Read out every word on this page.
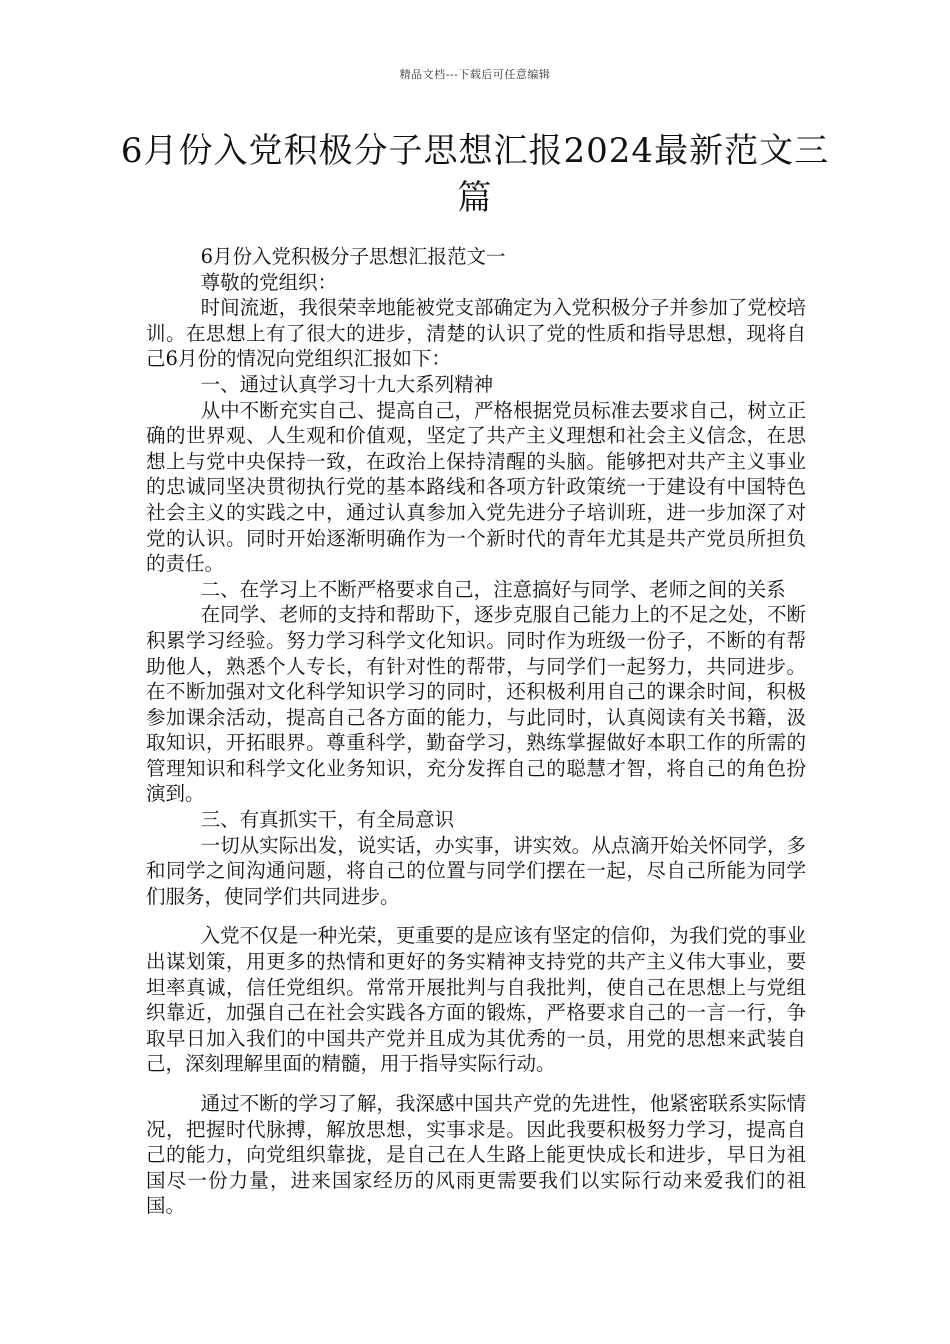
精品文档---下载后可任意编辑
6月份入党积极分子思想汇报2024最新范文三篇

6月份入党积极分子思想汇报范文一

尊敬的党组织：

时间流逝，我很荣幸地能被党支部确定为入党积极分子并参加了党校培训。在思想上有了很大的进步，清楚的认识了党的性质和指导思想，现将自己6月份的情况向党组织汇报如下：

一、通过认真学习十九大系列精神

从中不断充实自己、提高自己，严格根据党员标准去要求自己，树立正确的世界观、人生观和价值观，坚定了共产主义理想和社会主义信念，在思想上与党中央保持一致，在政治上保持清醒的头脑。能够把对共产主义事业的忠诚同坚决贯彻执行党的基本路线和各项方针政策统一于建设有中国特色社会主义的实践之中，通过认真参加入党先进分子培训班，进一步加深了对党的认识。同时开始逐渐明确作为一个新时代的青年尤其是共产党员所担负的责任。

二、在学习上不断严格要求自己，注意搞好与同学、老师之间的关系

在同学、老师的支持和帮助下，逐步克服自己能力上的不足之处，不断积累学习经验。努力学习科学文化知识。同时作为班级一份子，不断的有帮助他人，熟悉个人专长，有针对性的帮带，与同学们一起努力，共同进步。在不断加强对文化科学知识学习的同时，还积极利用自己的课余时间，积极参加课余活动，提高自己各方面的能力，与此同时，认真阅读有关书籍，汲取知识，开拓眼界。尊重科学，勤奋学习，熟练掌握做好本职工作的所需的管理知识和科学文化业务知识，充分发挥自己的聪慧才智，将自己的角色扮演到。

三、有真抓实干，有全局意识

一切从实际出发，说实话，办实事，讲实效。从点滴开始关怀同学，多和同学之间沟通问题，将自己的位置与同学们摆在一起，尽自己所能为同学们服务，使同学们共同进步。

入党不仅是一种光荣，更重要的是应该有坚定的信仰，为我们党的事业出谋划策，用更多的热情和更好的务实精神支持党的共产主义伟大事业，要坦率真诚，信任党组织。常常开展批判与自我批判，使自己在思想上与党组织靠近，加强自己在社会实践各方面的锻炼，严格要求自己的一言一行，争取早日加入我们的中国共产党并且成为其优秀的一员，用党的思想来武装自己，深刻理解里面的精髓，用于指导实际行动。

通过不断的学习了解，我深感中国共产党的先进性，他紧密联系实际情况，把握时代脉搏，解放思想，实事求是。因此我要积极努力学习，提高自己的能力，向党组织靠拢，是自己在人生路上能更快成长和进步，早日为祖国尽一份力量，进来国家经历的风雨更需要我们以实际行动来爱我们的祖国。
